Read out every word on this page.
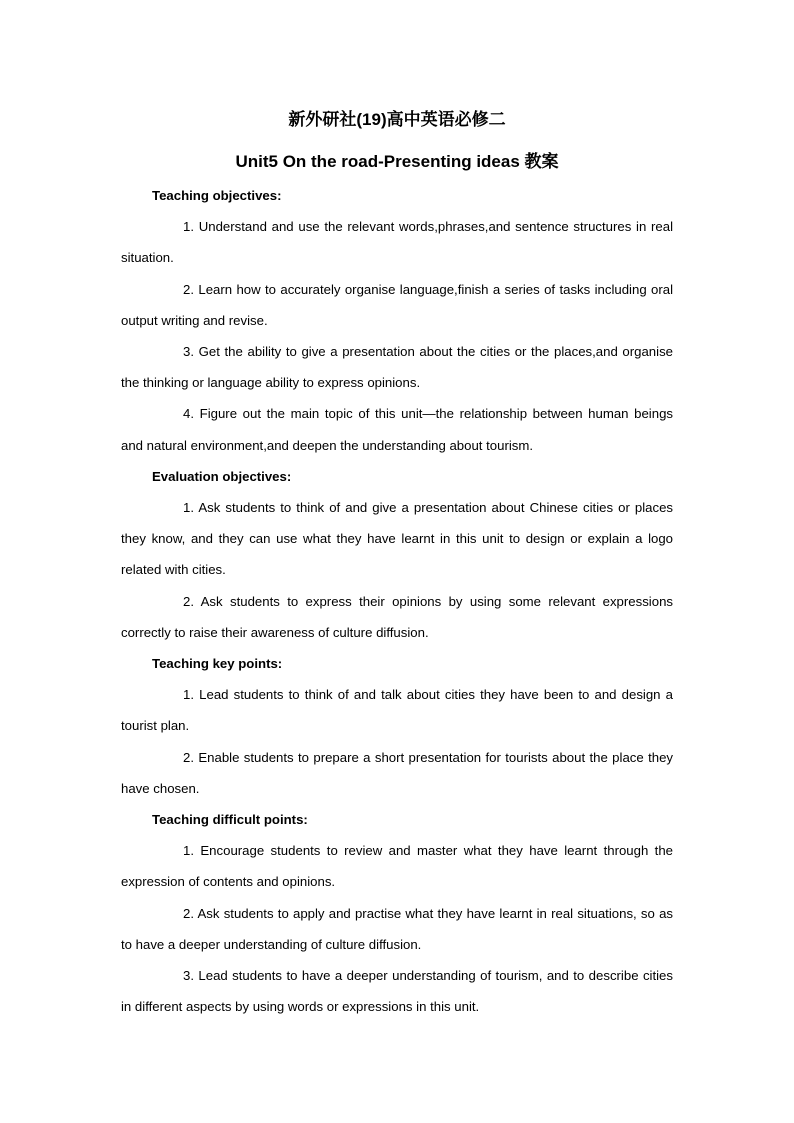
新外研社(19)高中英语必修二
Unit5 On the road-Presenting ideas 教案

Teaching objectives:

1. Understand and use the relevant words,phrases,and sentence structures in real situation.

2. Learn how to accurately organise language,finish a series of tasks including oral output writing and revise.

3. Get the ability to give a presentation about the cities or the places,and organise the thinking or language ability to express opinions.

4. Figure out the main topic of this unit—the relationship between human beings and natural environment,and deepen the understanding about tourism.

Evaluation objectives:

1. Ask students to think of and give a presentation about Chinese cities or places they know, and they can use what they have learnt in this unit to design or explain a logo related with cities.

2. Ask students to express their opinions by using some relevant expressions correctly to raise their awareness of culture diffusion.

Teaching key points:

1. Lead students to think of and talk about cities they have been to and design a tourist plan.

2. Enable students to prepare a short presentation for tourists about the place they have chosen.

Teaching difficult points:

1. Encourage students to review and master what they have learnt through the expression of contents and opinions.

2. Ask students to apply and practise what they have learnt in real situations, so as to have a deeper understanding of culture diffusion.

3. Lead students to have a deeper understanding of tourism, and to describe cities in different aspects by using words or expressions in this unit.
